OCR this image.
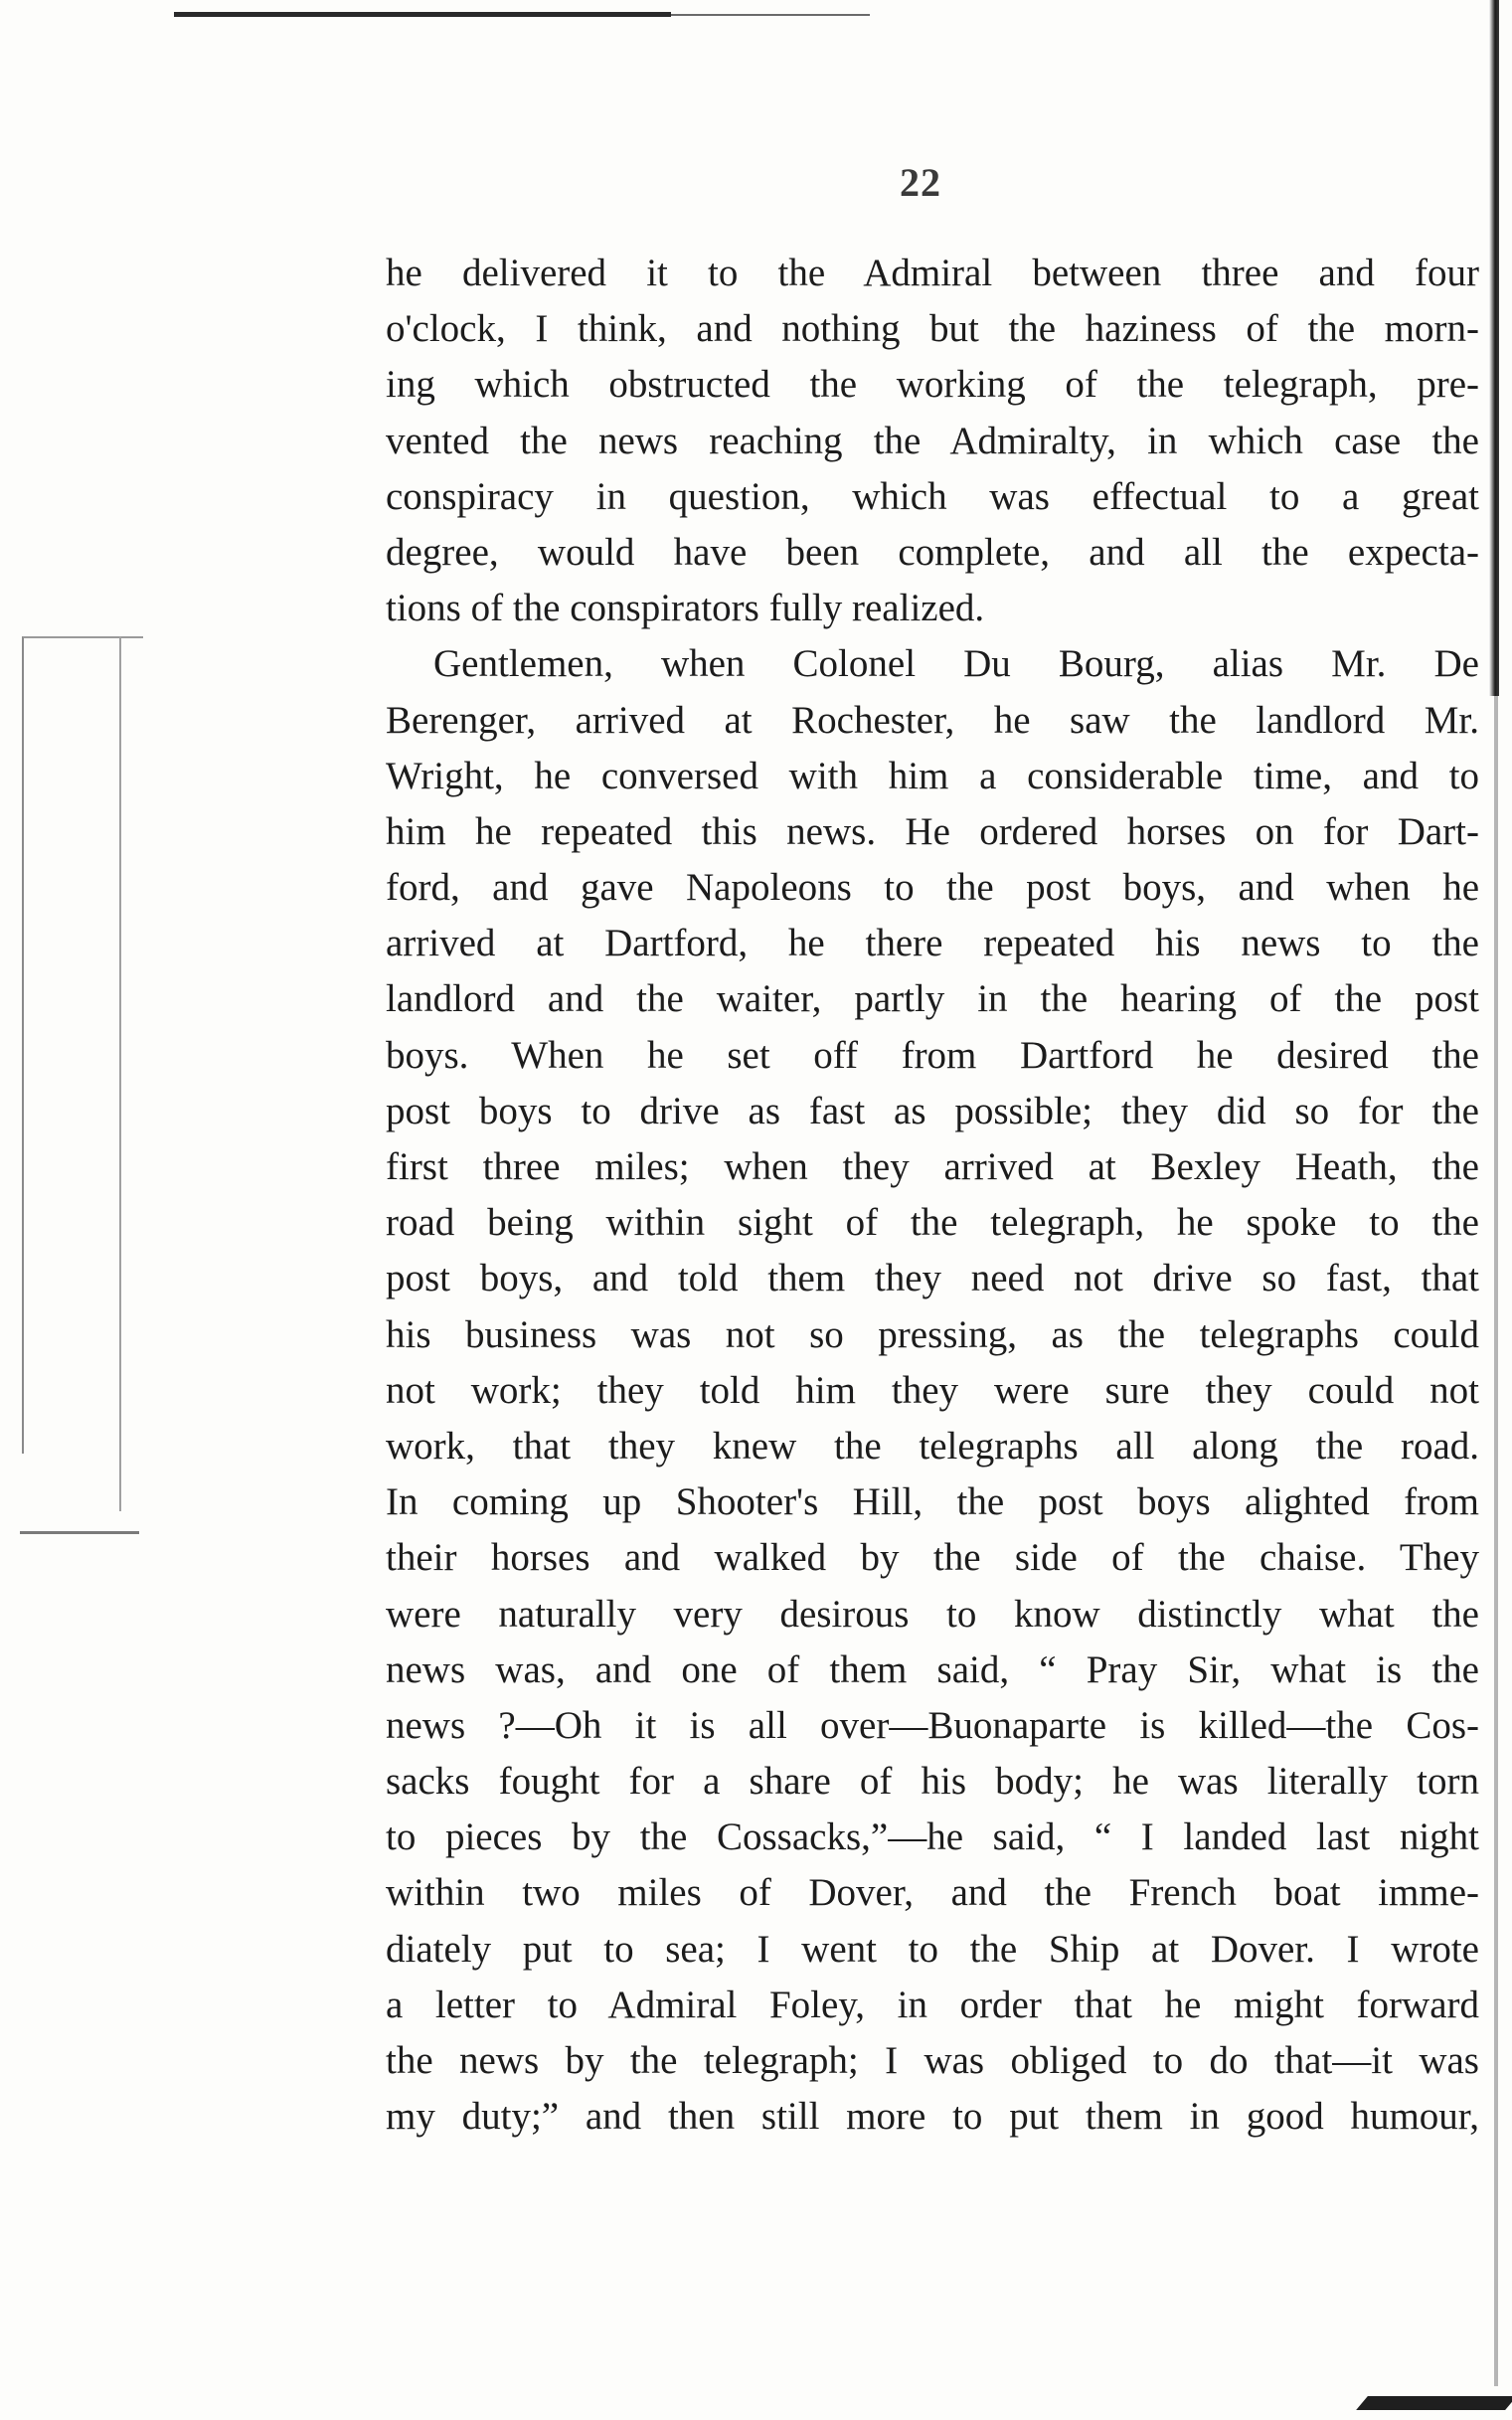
22
he delivered it to the Admiral between three and four
o'clock, I think, and nothing but the haziness of the morn-
ing which obstructed the working of the telegraph, pre-
vented the news reaching the Admiralty, in which case the
conspiracy in question, which was effectual to a great
degree, would have been complete, and all the expecta-
tions of the conspirators fully realized.
Gentlemen, when Colonel Du Bourg, alias Mr. De
Berenger, arrived at Rochester, he saw the landlord Mr.
Wright, he conversed with him a considerable time, and to
him he repeated this news. He ordered horses on for Dart-
ford, and gave Napoleons to the post boys, and when he
arrived at Dartford, he there repeated his news to the
landlord and the waiter, partly in the hearing of the post
boys. When he set off from Dartford he desired the
post boys to drive as fast as possible; they did so for the
first three miles; when they arrived at Bexley Heath, the
road being within sight of the telegraph, he spoke to the
post boys, and told them they need not drive so fast, that
his business was not so pressing, as the telegraphs could
not work; they told him they were sure they could not
work, that they knew the telegraphs all along the road.
In coming up Shooter's Hill, the post boys alighted from
their horses and walked by the side of the chaise. They
were naturally very desirous to know distinctly what the
news was, and one of them said, “ Pray Sir, what is the
news ?—Oh it is all over—Buonaparte is killed—the Cos-
sacks fought for a share of his body; he was literally torn
to pieces by the Cossacks,”—he said, “ I landed last night
within two miles of Dover, and the French boat imme-
diately put to sea; I went to the Ship at Dover. I wrote
a letter to Admiral Foley, in order that he might forward
the news by the telegraph; I was obliged to do that—it was
my duty;” and then still more to put them in good humour,
